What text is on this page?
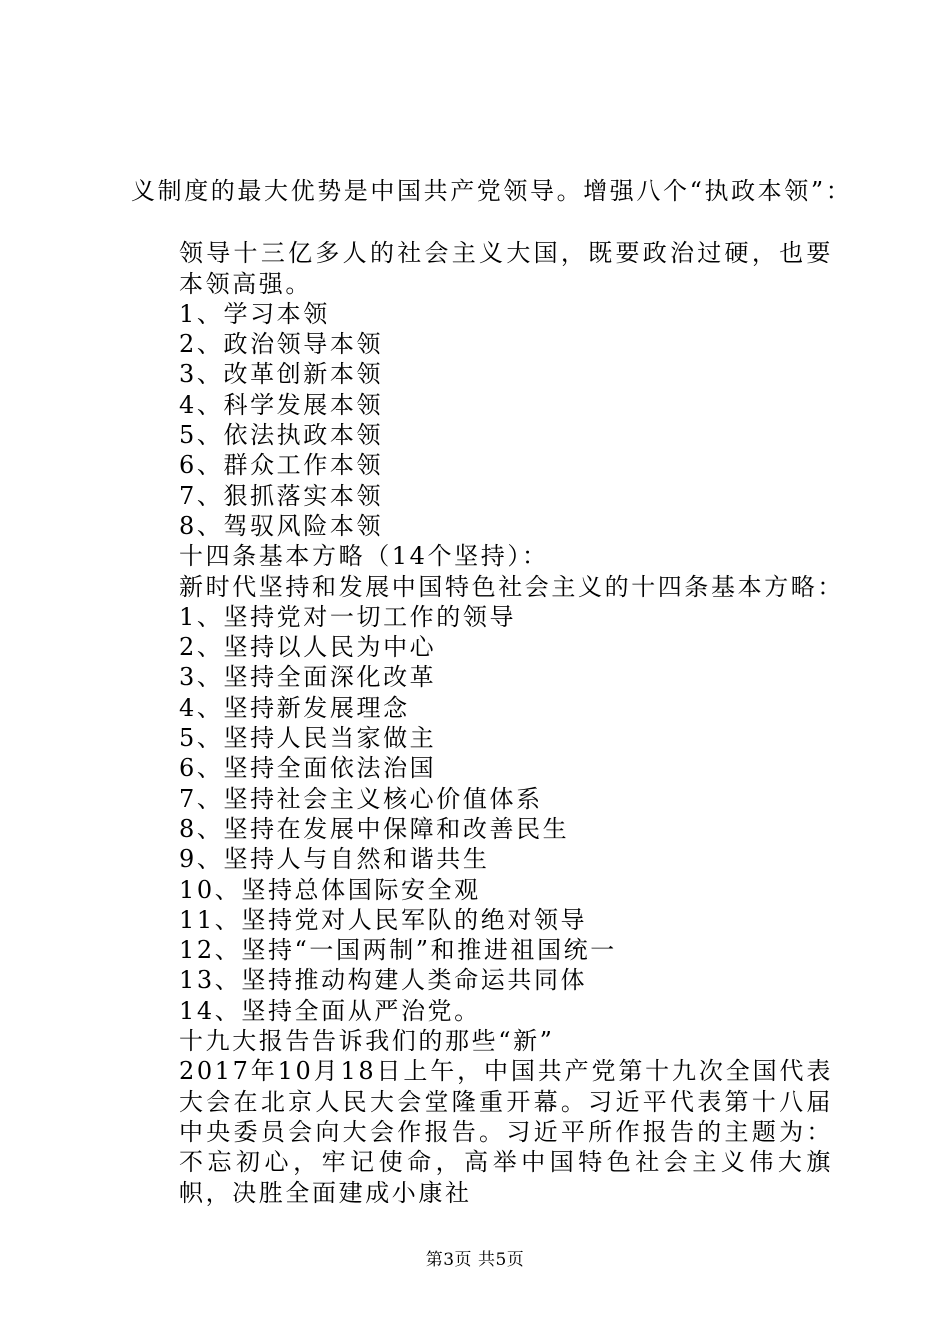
义制度的最大优势是中国共产党领导。增强八个“执政本领”：

领导十三亿多人的社会主义大国，既要政治过硬，也要本领高强。

1、学习本领

2、政治领导本领

3、改革创新本领

4、科学发展本领

5、依法执政本领

6、群众工作本领

7、狠抓落实本领

8、驾驭风险本领

十四条基本方略（14个坚持）：

新时代坚持和发展中国特色社会主义的十四条基本方略：

1、坚持党对一切工作的领导

2、坚持以人民为中心

3、坚持全面深化改革

4、坚持新发展理念

5、坚持人民当家做主

6、坚持全面依法治国

7、坚持社会主义核心价值体系

8、坚持在发展中保障和改善民生

9、坚持人与自然和谐共生

10、坚持总体国际安全观

11、坚持党对人民军队的绝对领导

12、坚持“一国两制”和推进祖国统一

13、坚持推动构建人类命运共同体

14、坚持全面从严治党。

十九大报告告诉我们的那些“新”

2017年10月18日上午，中国共产党第十九次全国代表大会在北京人民大会堂隆重开幕。习近平代表第十八届中央委员会向大会作报告。习近平所作报告的主题为：不忘初心，牢记使命，高举中国特色社会主义伟大旗帜，决胜全面建成小康社

第3页 共5页
